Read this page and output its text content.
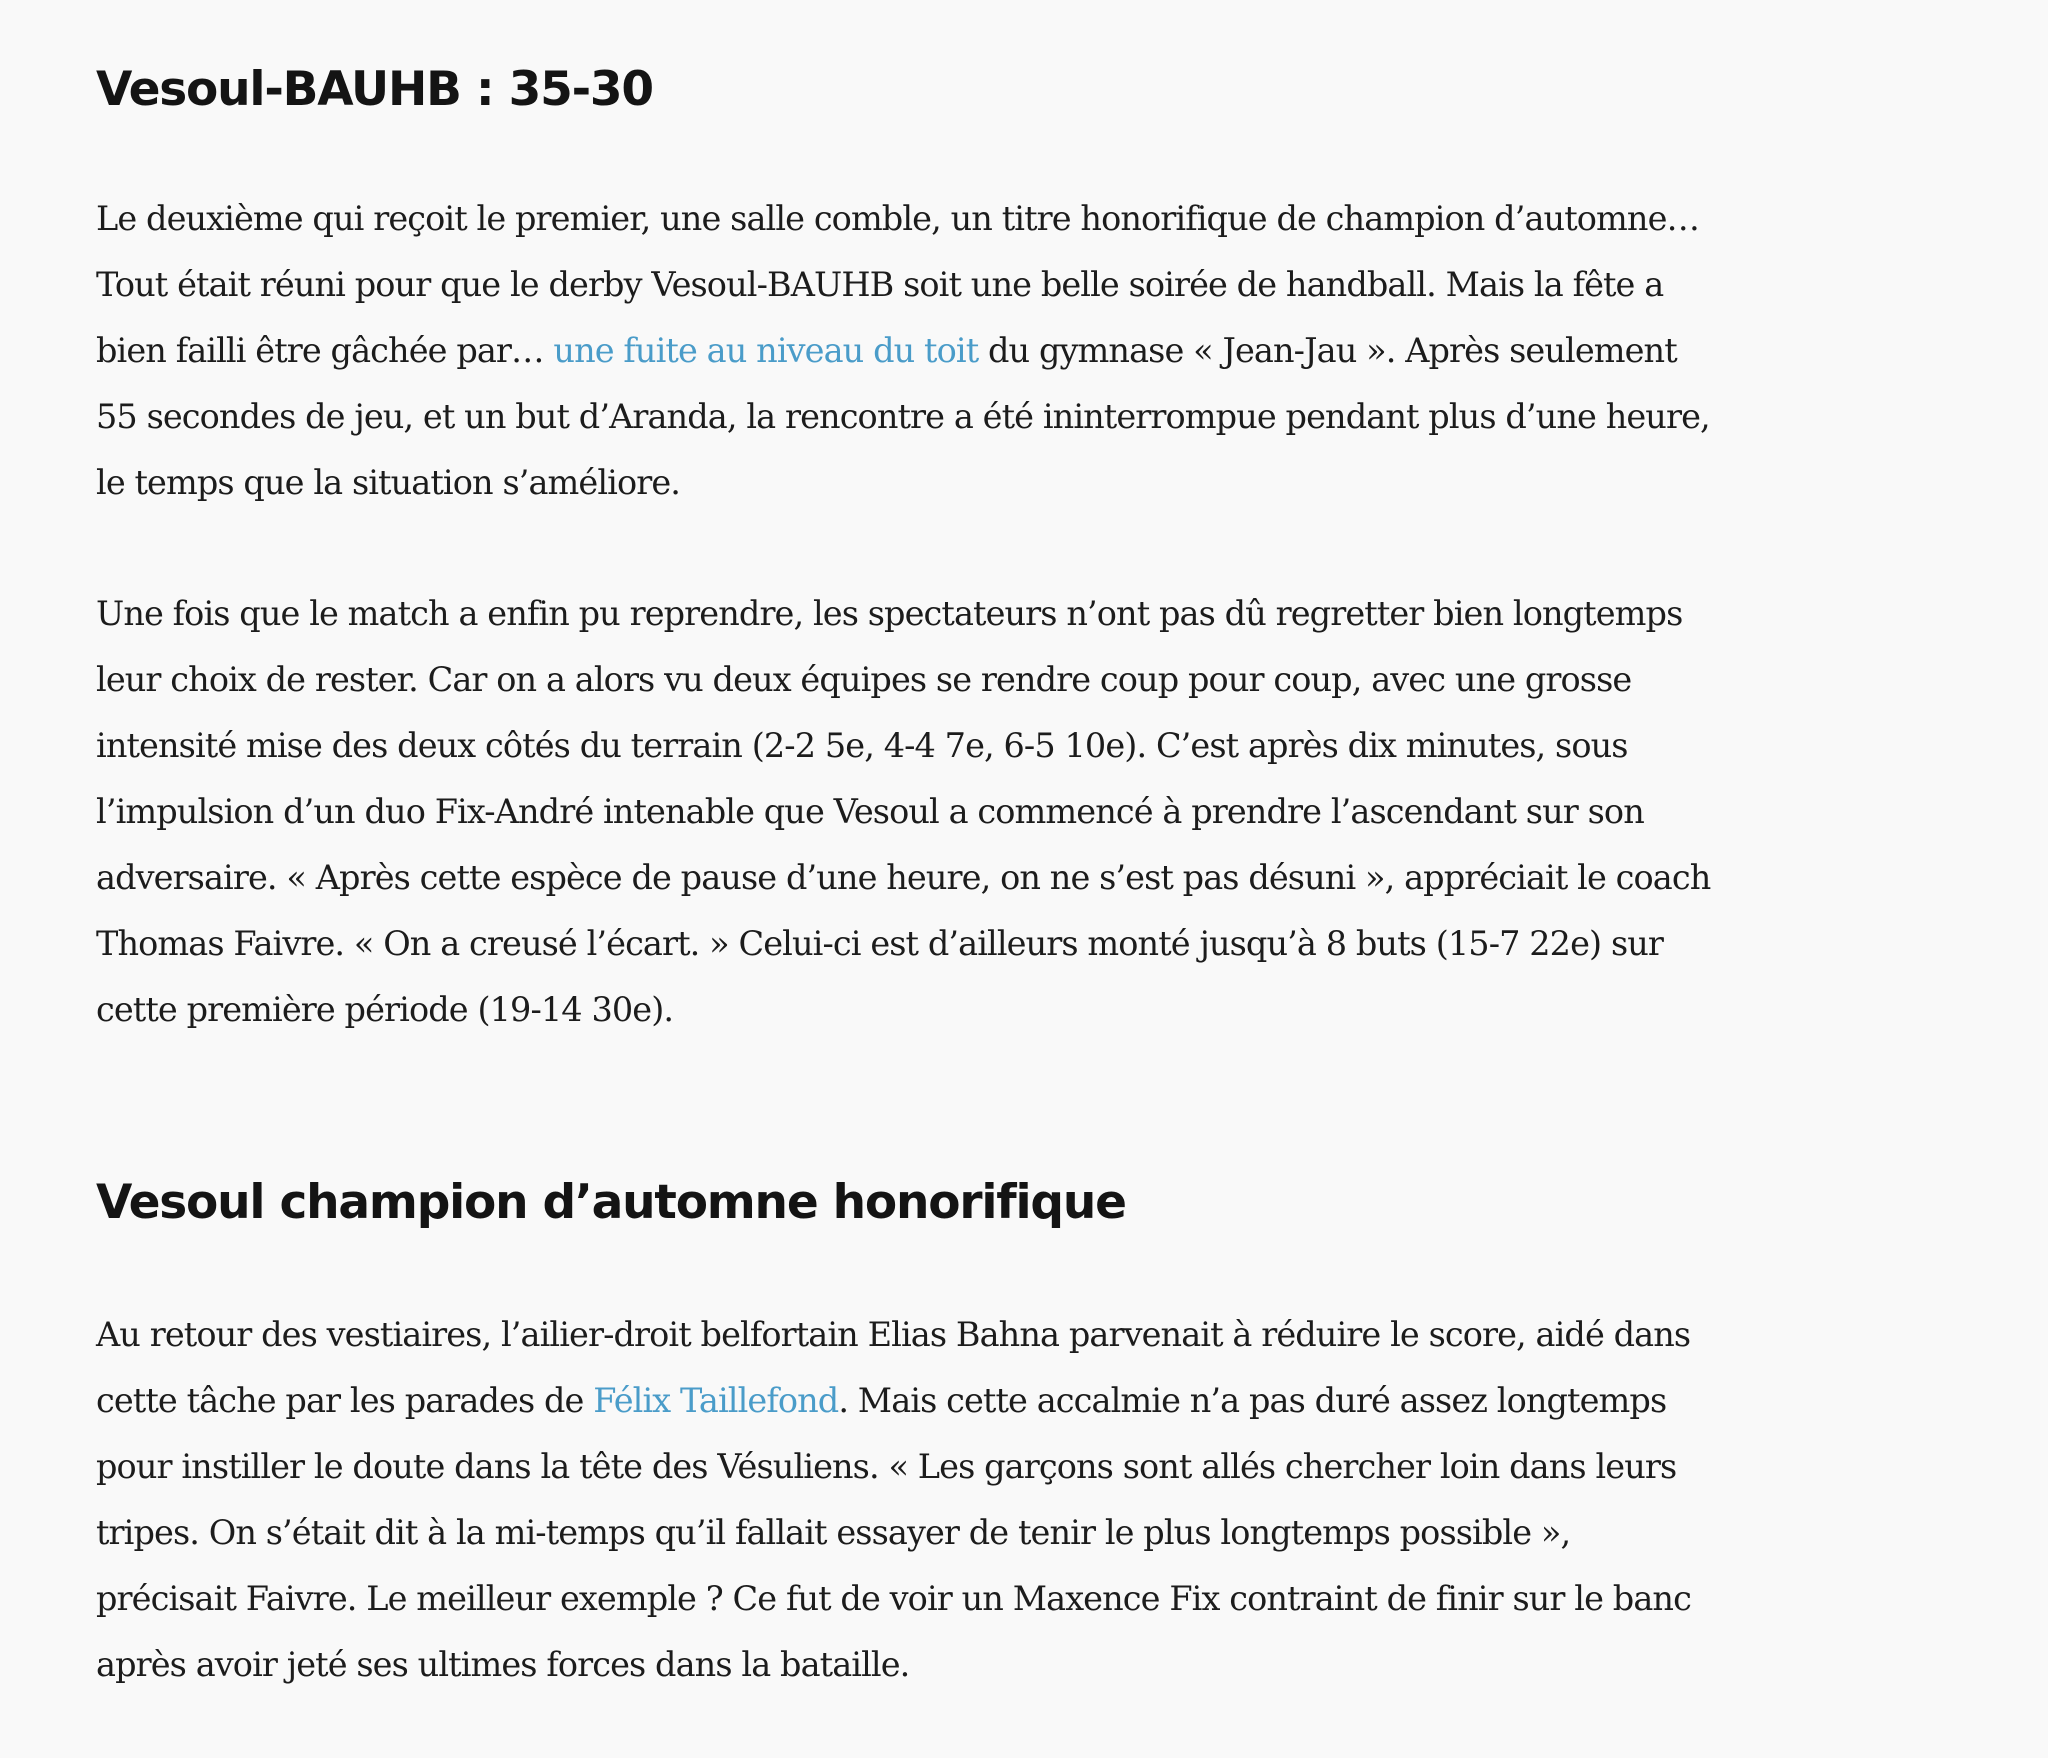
Vesoul-BAUHB : 35-30

Le deuxième qui reçoit le premier, une salle comble, un titre honorifique de champion d’automne…
Tout était réuni pour que le derby Vesoul-BAUHB soit une belle soirée de handball. Mais la fête a
bien failli être gâchée par… une fuite au niveau du toit du gymnase « Jean-Jau ». Après seulement
55 secondes de jeu, et un but d’Aranda, la rencontre a été ininterrompue pendant plus d’une heure,
le temps que la situation s’améliore.

Une fois que le match a enfin pu reprendre, les spectateurs n’ont pas dû regretter bien longtemps
leur choix de rester. Car on a alors vu deux équipes se rendre coup pour coup, avec une grosse
intensité mise des deux côtés du terrain (2-2 5e, 4-4 7e, 6-5 10e). C’est après dix minutes, sous
l’impulsion d’un duo Fix-André intenable que Vesoul a commencé à prendre l’ascendant sur son
adversaire. « Après cette espèce de pause d’une heure, on ne s’est pas désuni », appréciait le coach
Thomas Faivre. « On a creusé l’écart. » Celui-ci est d’ailleurs monté jusqu’à 8 buts (15-7 22e) sur
cette première période (19-14 30e).

Vesoul champion d’automne honorifique

Au retour des vestiaires, l’ailier-droit belfortain Elias Bahna parvenait à réduire le score, aidé dans
cette tâche par les parades de Félix Taillefond. Mais cette accalmie n’a pas duré assez longtemps
pour instiller le doute dans la tête des Vésuliens. « Les garçons sont allés chercher loin dans leurs
tripes. On s’était dit à la mi-temps qu’il fallait essayer de tenir le plus longtemps possible »,
précisait Faivre. Le meilleur exemple ? Ce fut de voir un Maxence Fix contraint de finir sur le banc
après avoir jeté ses ultimes forces dans la bataille.
